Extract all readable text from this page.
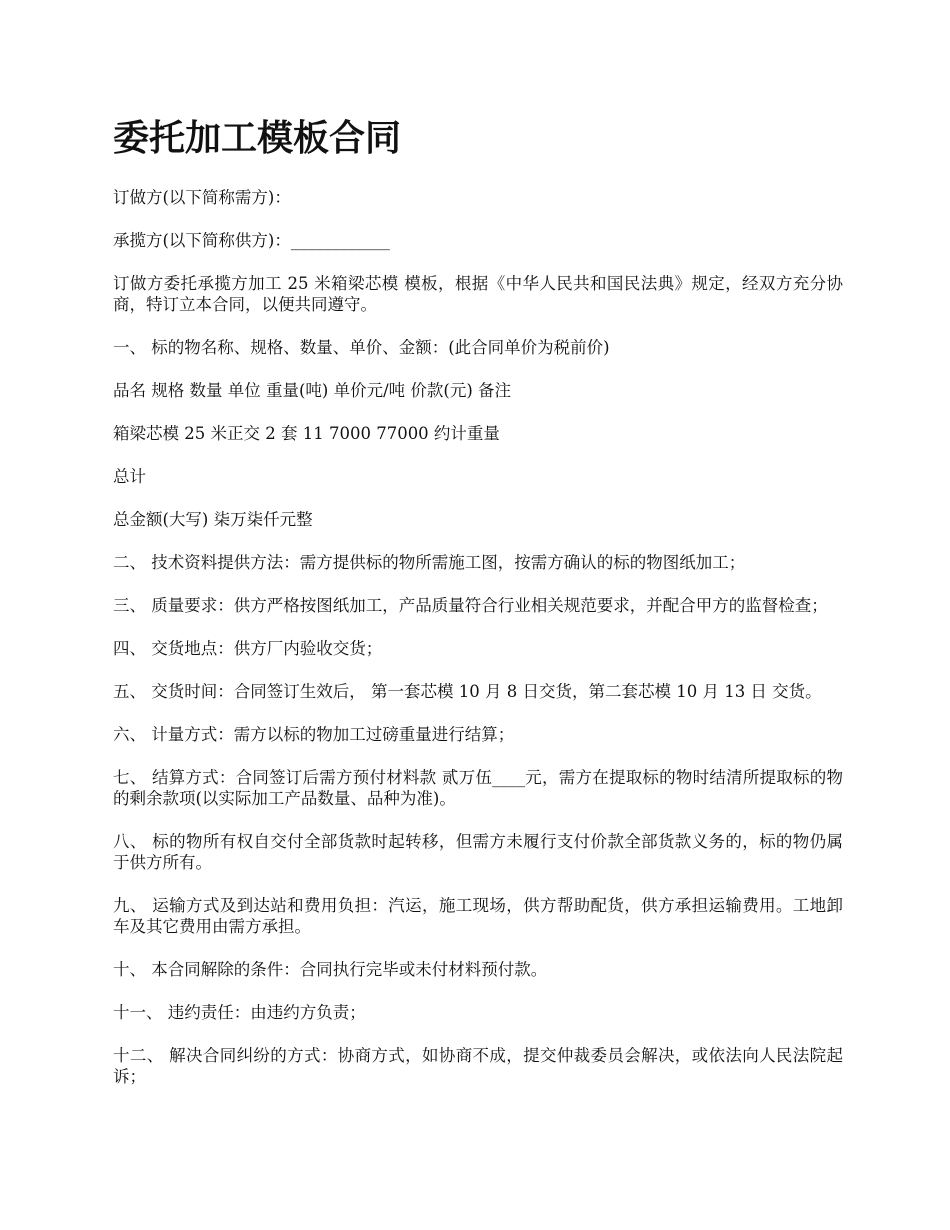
委托加工模板合同

订做方(以下简称需方)：

承揽方(以下简称供方)：____________

订做方委托承揽方加工 25 米箱梁芯模 模板，根据《中华人民共和国民法典》规定，经双方充分协商，特订立本合同，以便共同遵守。

一、 标的物名称、规格、数量、单价、金额：(此合同单价为税前价)

品名 规格 数量 单位 重量(吨) 单价元/吨 价款(元) 备注

箱梁芯模 25 米正交 2 套 11 7000 77000 约计重量

总计

总金额(大写) 柒万柒仟元整

二、 技术资料提供方法：需方提供标的物所需施工图，按需方确认的标的物图纸加工；

三、 质量要求：供方严格按图纸加工，产品质量符合行业相关规范要求，并配合甲方的监督检查；

四、 交货地点：供方厂内验收交货；

五、 交货时间：合同签订生效后， 第一套芯模 10 月 8 日交货，第二套芯模 10 月 13 日 交货。

六、 计量方式：需方以标的物加工过磅重量进行结算；

七、 结算方式：合同签订后需方预付材料款 贰万伍____元，需方在提取标的物时结清所提取标的物的剩余款项(以实际加工产品数量、品种为准)。

八、 标的物所有权自交付全部货款时起转移，但需方未履行支付价款全部货款义务的，标的物仍属于供方所有。

九、 运输方式及到达站和费用负担：汽运，施工现场，供方帮助配货，供方承担运输费用。工地卸车及其它费用由需方承担。

十、 本合同解除的条件：合同执行完毕或未付材料预付款。

十一、 违约责任：由违约方负责；

十二、 解决合同纠纷的方式：协商方式，如协商不成，提交仲裁委员会解决，或依法向人民法院起诉；
